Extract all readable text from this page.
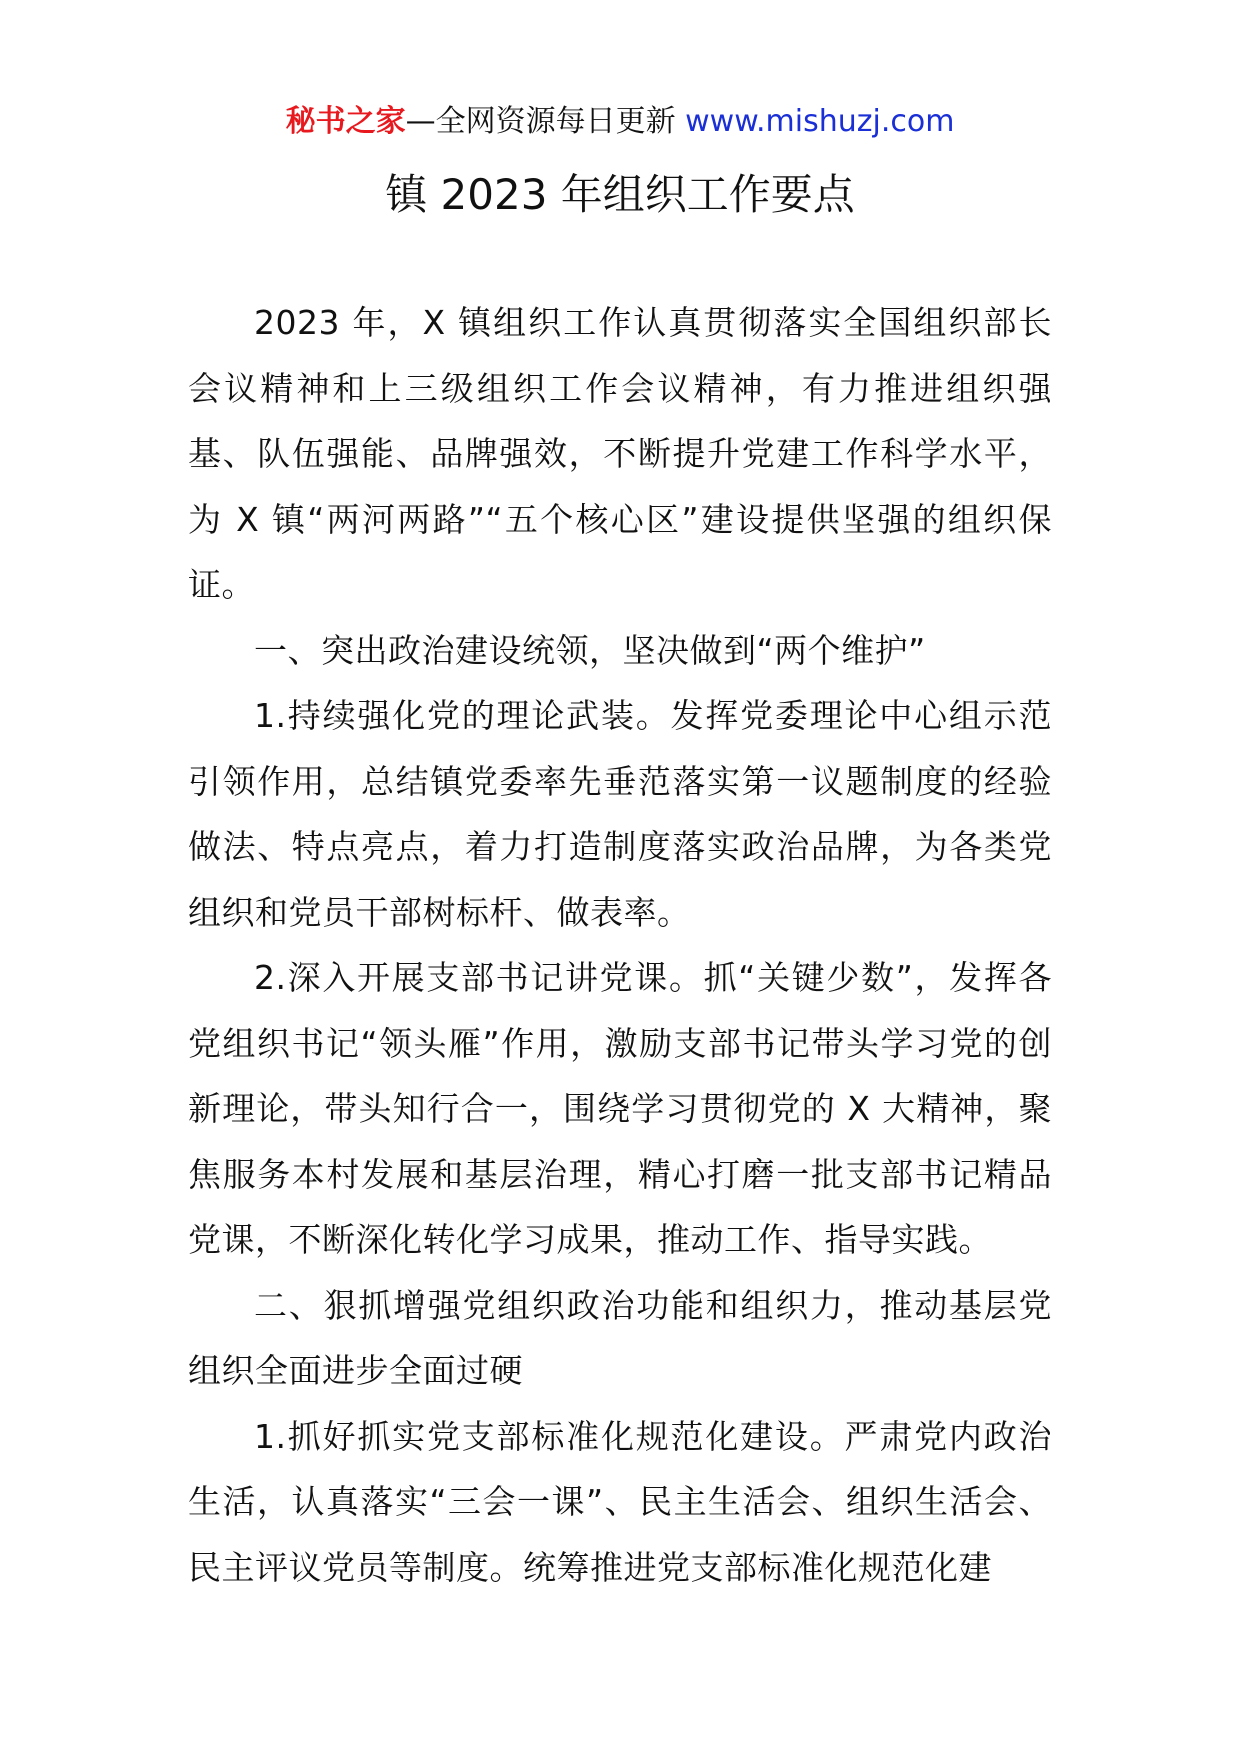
秘书之家—全网资源每日更新 www.mishuzj.com
镇 2023 年组织工作要点

2023 年，X 镇组织工作认真贯彻落实全国组织部长会议精神和上三级组织工作会议精神，有力推进组织强基、队伍强能、品牌强效，不断提升党建工作科学水平，为 X 镇“两河两路”“五个核心区”建设提供坚强的组织保证。

一、突出政治建设统领，坚决做到“两个维护”

1.持续强化党的理论武装。发挥党委理论中心组示范引领作用，总结镇党委率先垂范落实第一议题制度的经验做法、特点亮点，着力打造制度落实政治品牌，为各类党组织和党员干部树标杆、做表率。

2.深入开展支部书记讲党课。抓“关键少数”，发挥各党组织书记“领头雁”作用，激励支部书记带头学习党的创新理论，带头知行合一，围绕学习贯彻党的 X 大精神，聚焦服务本村发展和基层治理，精心打磨一批支部书记精品党课，不断深化转化学习成果，推动工作、指导实践。

二、狠抓增强党组织政治功能和组织力，推动基层党组织全面进步全面过硬

1.抓好抓实党支部标准化规范化建设。严肃党内政治生活，认真落实“三会一课”、民主生活会、组织生活会、民主评议党员等制度。统筹推进党支部标准化规范化建
